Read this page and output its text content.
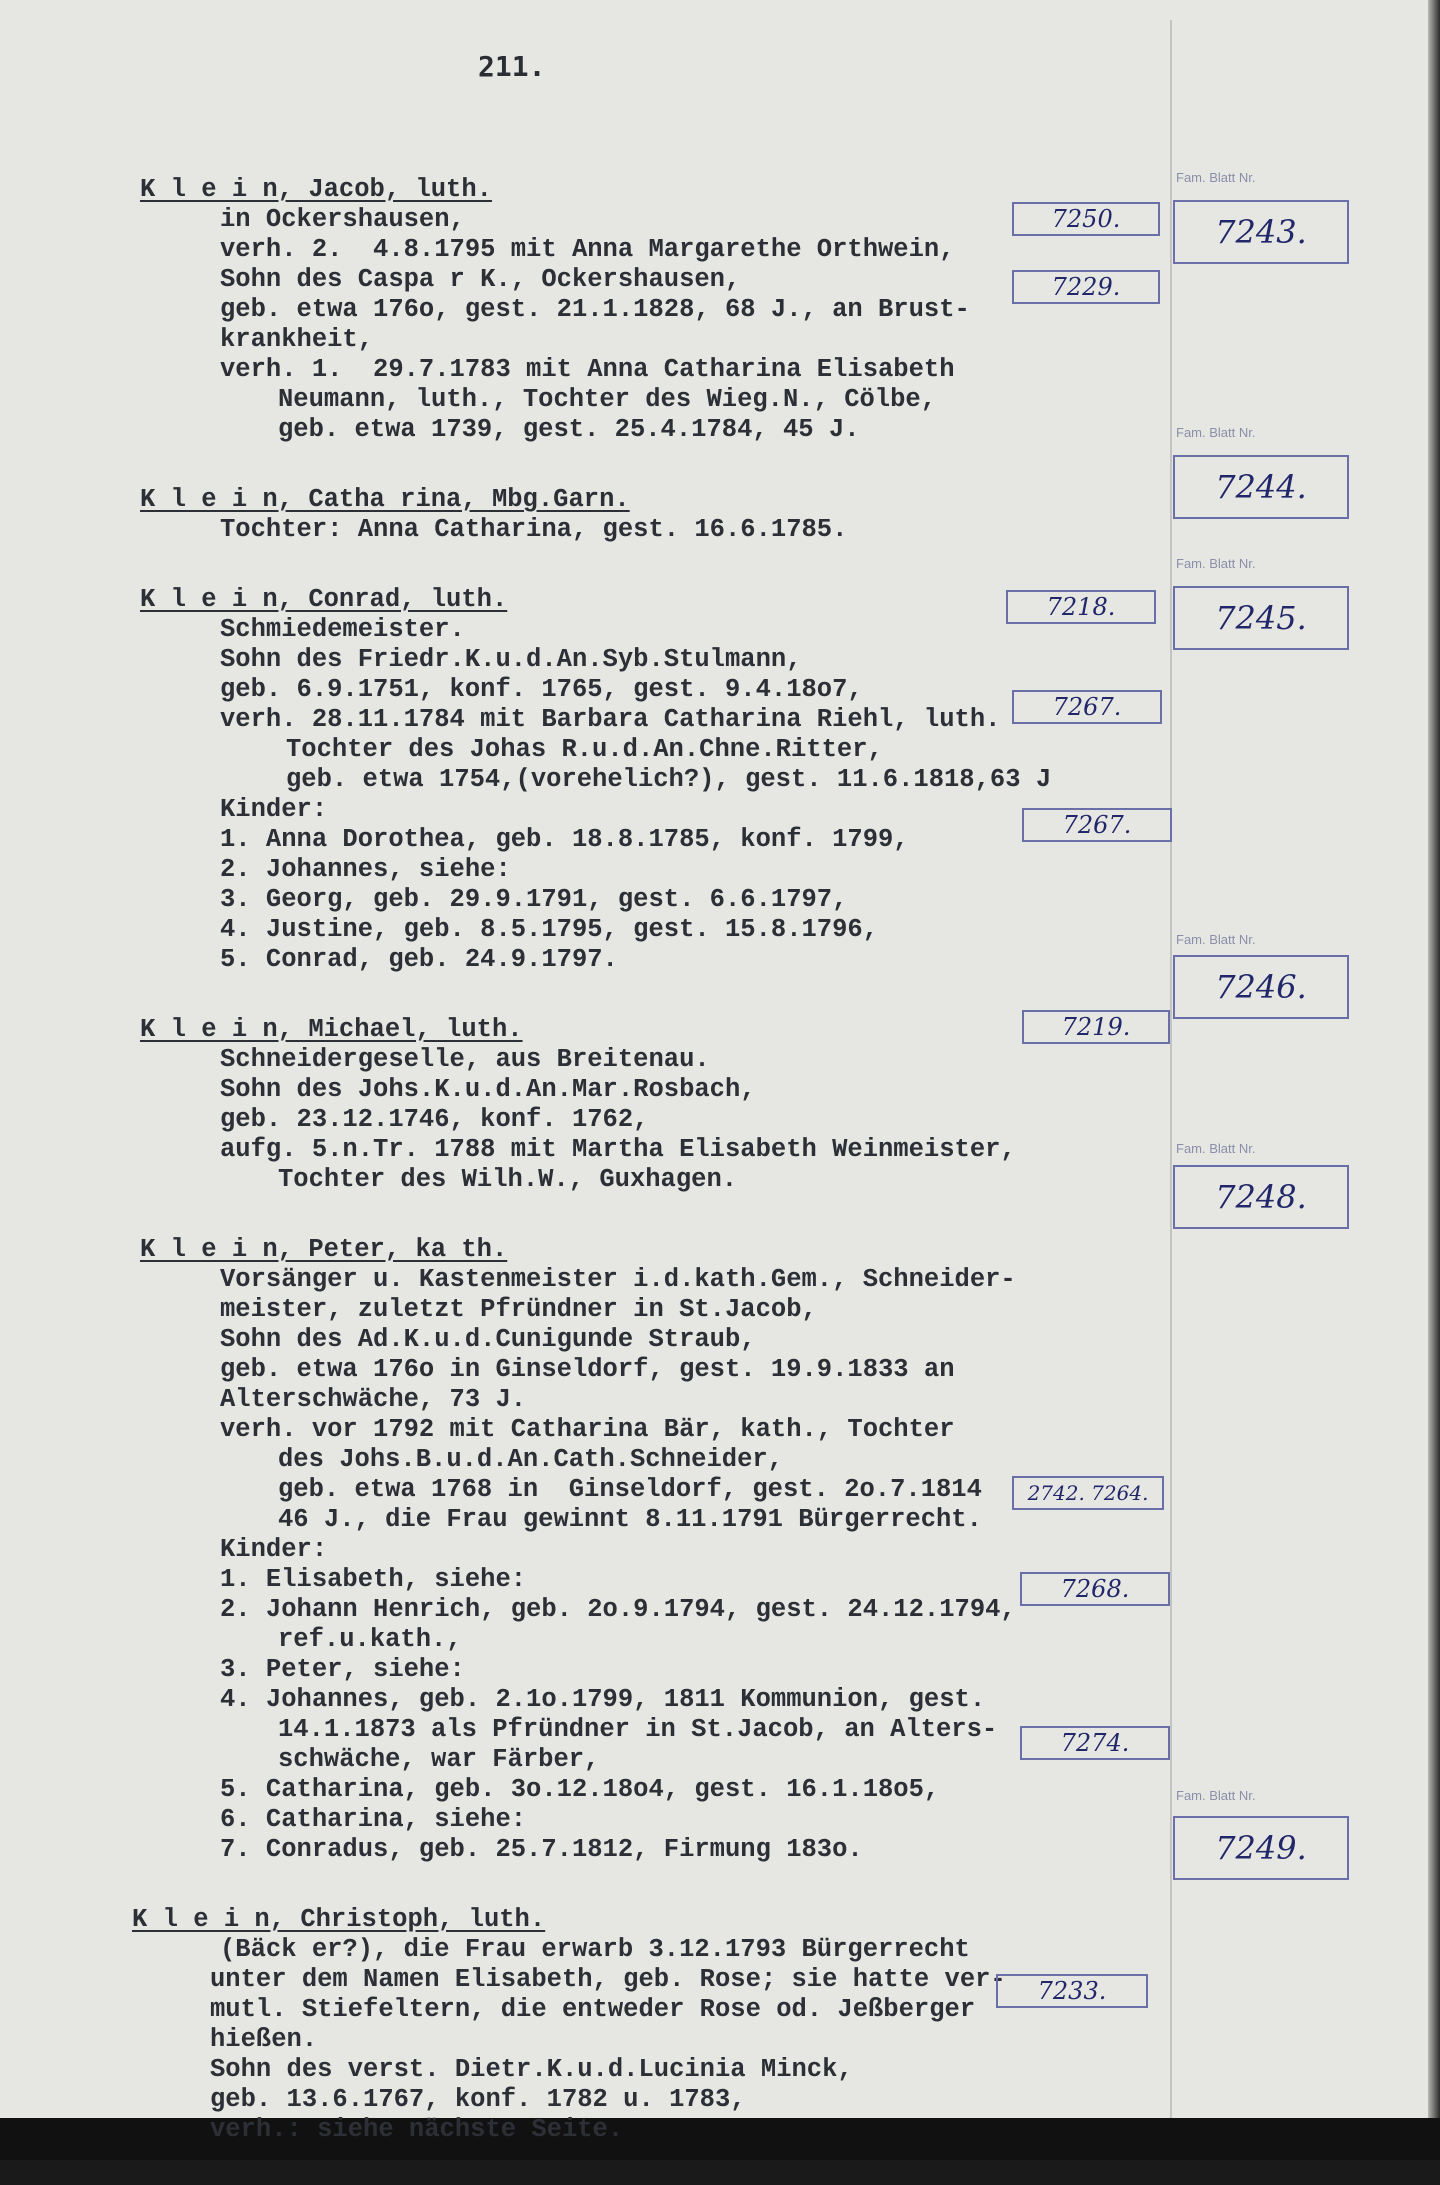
211.
K l e i n, Jacob, luth.
in Ockershausen,
verh. 2.  4.8.1795 mit Anna Margarethe Orthwein,
Sohn des Caspa r K., Ockershausen,
geb. etwa 176o, gest. 21.1.1828, 68 J., an Brust-
krankheit,
verh. 1.  29.7.1783 mit Anna Catharina Elisabeth
Neumann, luth., Tochter des Wieg.N., Cölbe,
geb. etwa 1739, gest. 25.4.1784, 45 J.
K l e i n, Catha rina, Mbg.Garn.
Tochter: Anna Catharina, gest. 16.6.1785.
K l e i n, Conrad, luth.
Schmiedemeister.
Sohn des Friedr.K.u.d.An.Syb.Stulmann,
geb. 6.9.1751, konf. 1765, gest. 9.4.18o7,
verh. 28.11.1784 mit Barbara Catharina Riehl, luth.
Tochter des Johas R.u.d.An.Chne.Ritter,
geb. etwa 1754,(vorehelich?), gest. 11.6.1818,63 J
Kinder:
1. Anna Dorothea, geb. 18.8.1785, konf. 1799,
2. Johannes, siehe:
3. Georg, geb. 29.9.1791, gest. 6.6.1797,
4. Justine, geb. 8.5.1795, gest. 15.8.1796,
5. Conrad, geb. 24.9.1797.
K l e i n, Michael, luth.
Schneidergeselle, aus Breitenau.
Sohn des Johs.K.u.d.An.Mar.Rosbach,
geb. 23.12.1746, konf. 1762,
aufg. 5.n.Tr. 1788 mit Martha Elisabeth Weinmeister,
Tochter des Wilh.W., Guxhagen.
K l e i n, Peter, ka th.
Vorsänger u. Kastenmeister i.d.kath.Gem., Schneider-
meister, zuletzt Pfründner in St.Jacob,
Sohn des Ad.K.u.d.Cunigunde Straub,
geb. etwa 176o in Ginseldorf, gest. 19.9.1833 an
Alterschwäche, 73 J.
verh. vor 1792 mit Catharina Bär, kath., Tochter
des Johs.B.u.d.An.Cath.Schneider,
geb. etwa 1768 in  Ginseldorf, gest. 2o.7.1814
46 J., die Frau gewinnt 8.11.1791 Bürgerrecht.
Kinder:
1. Elisabeth, siehe:
2. Johann Henrich, geb. 2o.9.1794, gest. 24.12.1794,
ref.u.kath.,
3. Peter, siehe:
4. Johannes, geb. 2.1o.1799, 1811 Kommunion, gest.
14.1.1873 als Pfründner in St.Jacob, an Alters-
schwäche, war Färber,
5. Catharina, geb. 3o.12.18o4, gest. 16.1.18o5,
6. Catharina, siehe:
7. Conradus, geb. 25.7.1812, Firmung 183o.
K l e i n, Christoph, luth.
(Bäck er?), die Frau erwarb 3.12.1793 Bürgerrecht
unter dem Namen Elisabeth, geb. Rose; sie hatte ver-
mutl. Stiefeltern, die entweder Rose od. Jeßberger
hießen.
Sohn des verst. Dietr.K.u.d.Lucinia Minck,
geb. 13.6.1767, konf. 1782 u. 1783,
verh.: siehe nächste Seite.
Fam. Blatt Nr.
7243.
Fam. Blatt Nr.
7244.
Fam. Blatt Nr.
7245.
Fam. Blatt Nr.
7246.
Fam. Blatt Nr.
7248.
Fam. Blatt Nr.
7249.
7250.
7229.
7218.
7267.
7267.
7219.
2742. 7264.
7268.
7274.
7233.
